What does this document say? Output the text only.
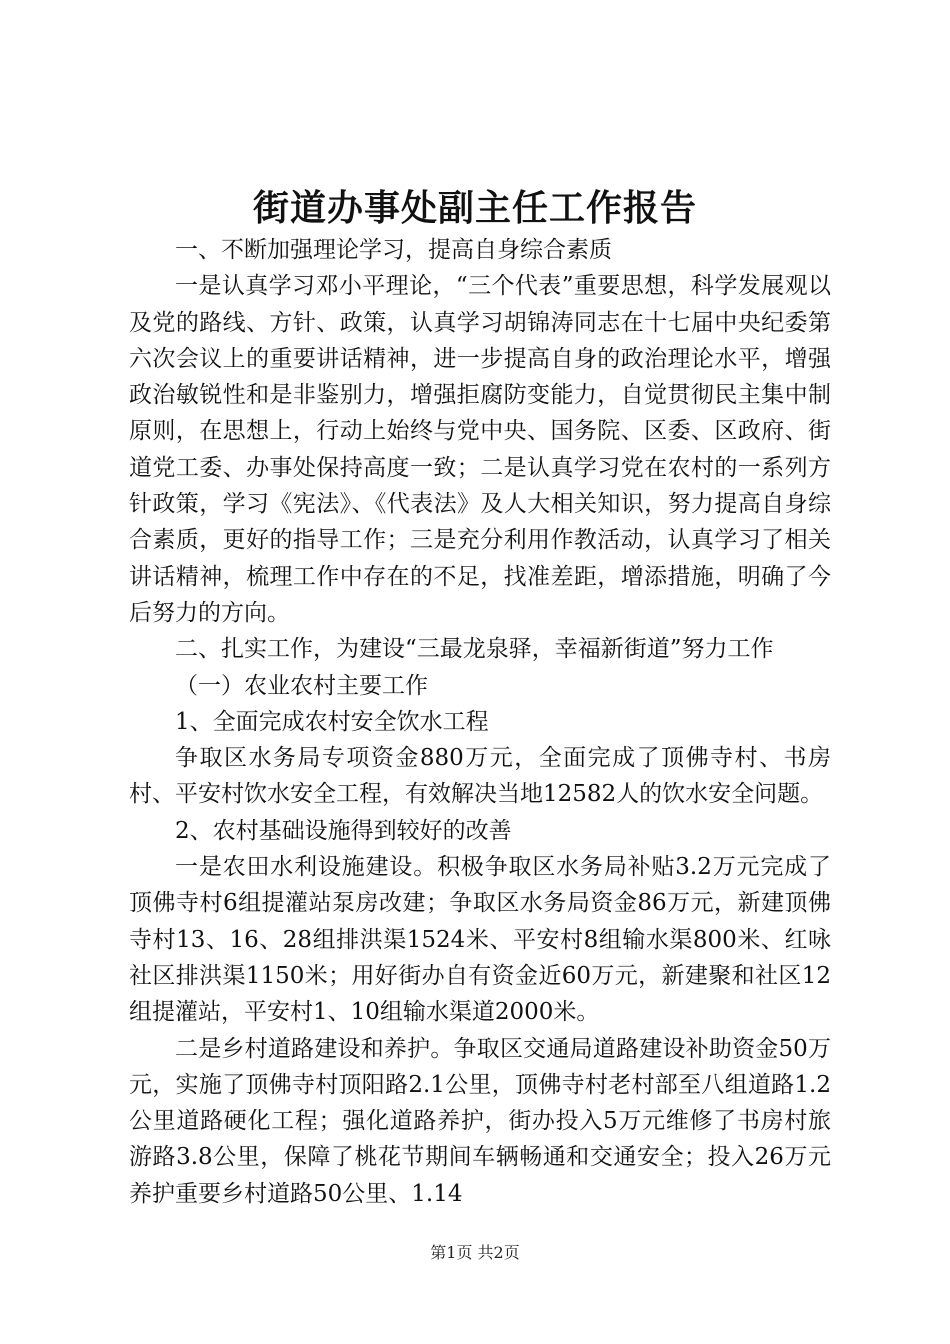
街道办事处副主任工作报告

一、不断加强理论学习，提高自身综合素质

一是认真学习邓小平理论，“三个代表”重要思想，科学发展观以及党的路线、方针、政策，认真学习胡锦涛同志在十七届中央纪委第六次会议上的重要讲话精神，进一步提高自身的政治理论水平，增强政治敏锐性和是非鉴别力，增强拒腐防变能力，自觉贯彻民主集中制原则，在思想上，行动上始终与党中央、国务院、区委、区政府、街道党工委、办事处保持高度一致；二是认真学习党在农村的一系列方针政策，学习《宪法》、《代表法》及人大相关知识，努力提高自身综合素质，更好的指导工作；三是充分利用作教活动，认真学习了相关讲话精神，梳理工作中存在的不足，找准差距，增添措施，明确了今后努力的方向。

二、扎实工作，为建设“三最龙泉驿，幸福新街道”努力工作

（一）农业农村主要工作

1、全面完成农村安全饮水工程

争取区水务局专项资金880万元，全面完成了顶佛寺村、书房村、平安村饮水安全工程，有效解决当地12582人的饮水安全问题。

2、农村基础设施得到较好的改善

一是农田水利设施建设。积极争取区水务局补贴3.2万元完成了顶佛寺村6组提灌站泵房改建；争取区水务局资金86万元，新建顶佛寺村13、16、28组排洪渠1524米、平安村8组输水渠800米、红咏社区排洪渠1150米；用好街办自有资金近60万元，新建聚和社区12组提灌站，平安村1、10组输水渠道2000米。

二是乡村道路建设和养护。争取区交通局道路建设补助资金50万元，实施了顶佛寺村顶阳路2.1公里，顶佛寺村老村部至八组道路1.2公里道路硬化工程；强化道路养护，街办投入5万元维修了书房村旅游路3.8公里，保障了桃花节期间车辆畅通和交通安全；投入26万元养护重要乡村道路50公里、1.14

第1页 共2页
